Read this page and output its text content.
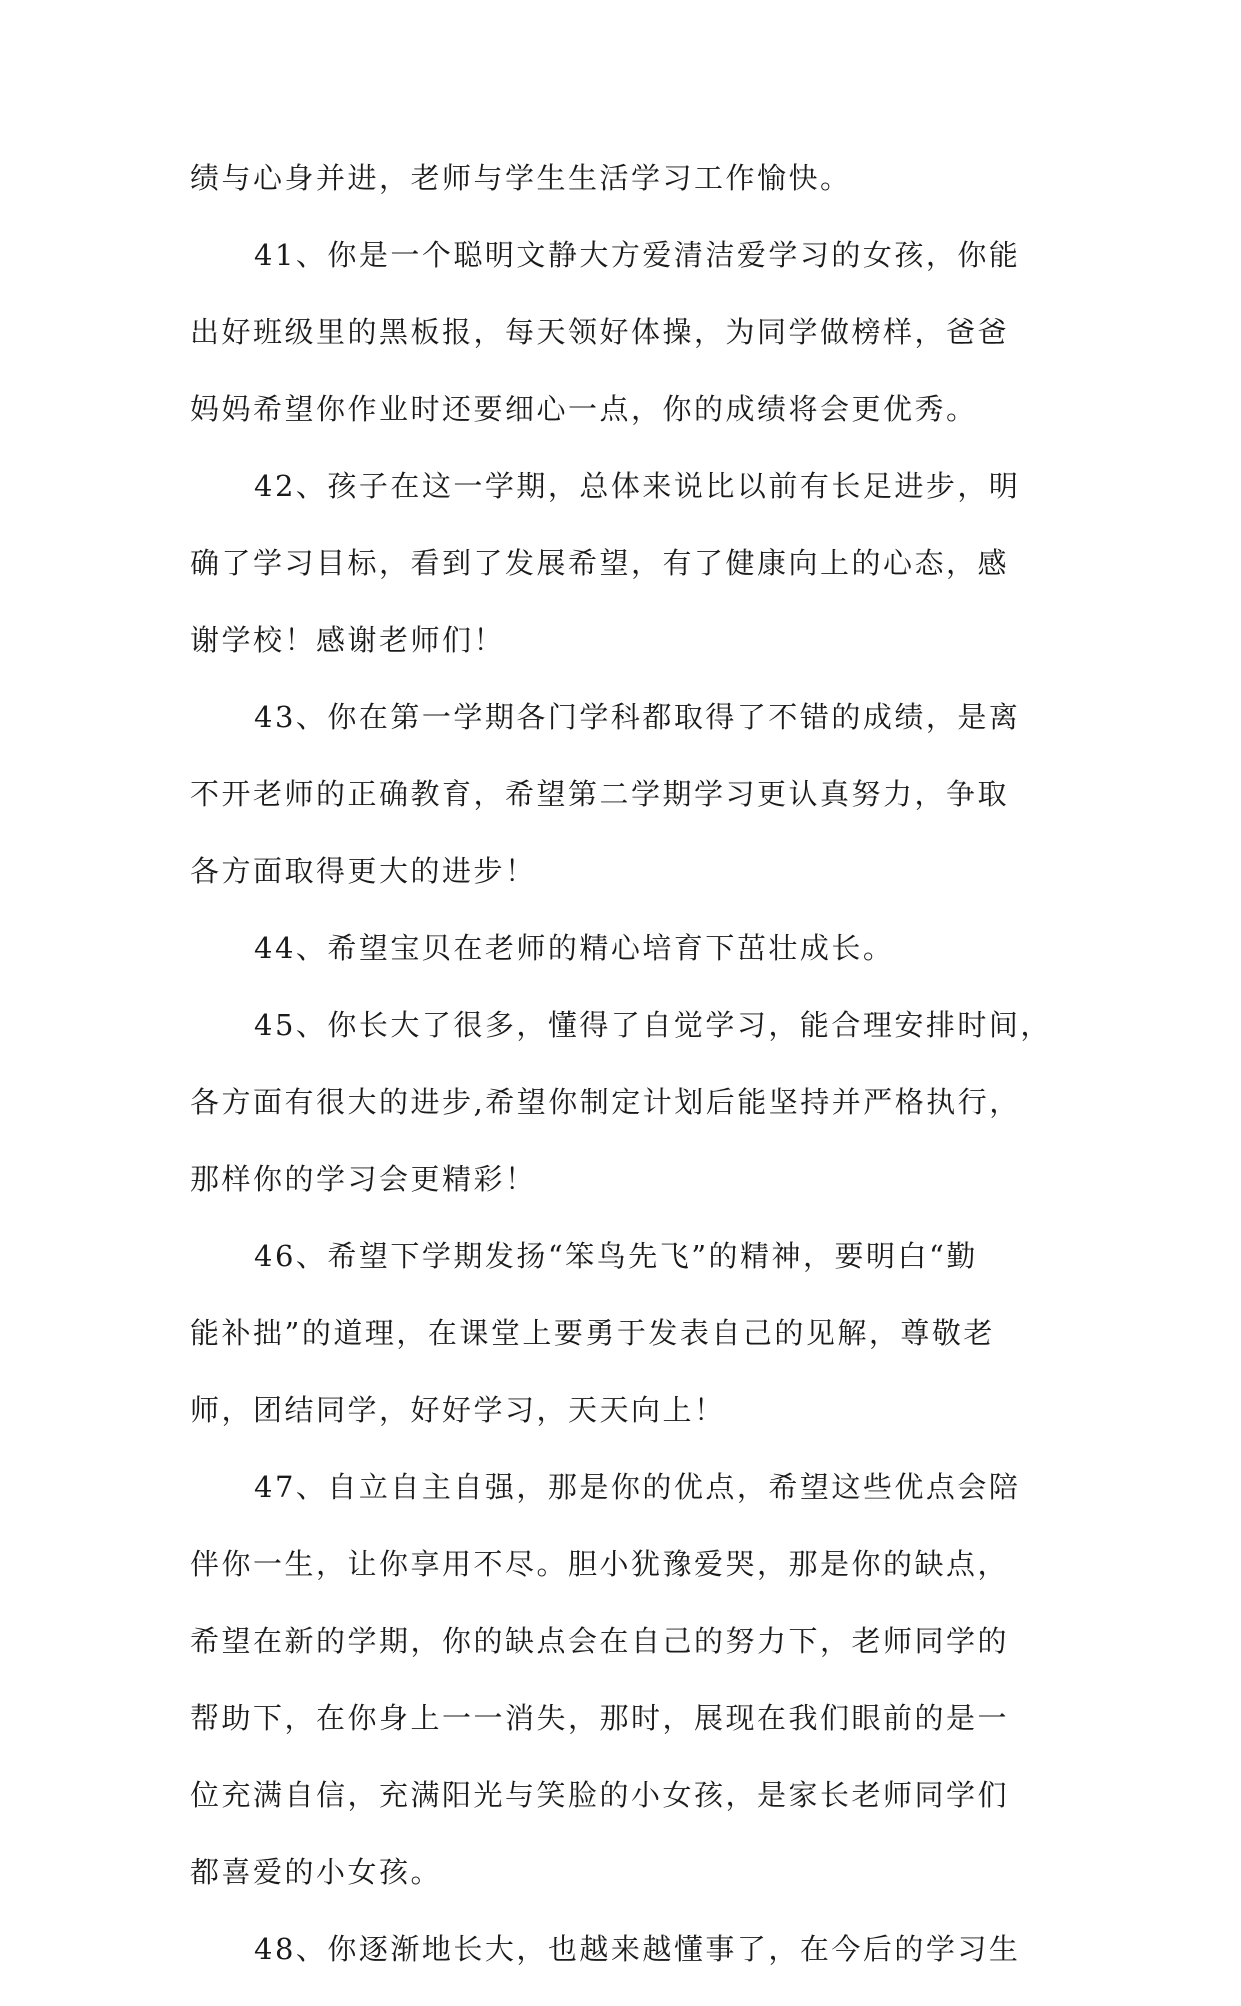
绩与心身并进，老师与学生生活学习工作愉快。
41、你是一个聪明文静大方爱清洁爱学习的女孩，你能
出好班级里的黑板报，每天领好体操，为同学做榜样，爸爸
妈妈希望你作业时还要细心一点，你的成绩将会更优秀。
42、孩子在这一学期，总体来说比以前有长足进步，明
确了学习目标，看到了发展希望，有了健康向上的心态，感
谢学校！感谢老师们！
43、你在第一学期各门学科都取得了不错的成绩，是离
不开老师的正确教育，希望第二学期学习更认真努力，争取
各方面取得更大的进步！
44、希望宝贝在老师的精心培育下茁壮成长。
45、你长大了很多，懂得了自觉学习，能合理安排时间，
各方面有很大的进步,希望你制定计划后能坚持并严格执行，
那样你的学习会更精彩！
46、希望下学期发扬“笨鸟先飞”的精神，要明白“勤
能补拙”的道理，在课堂上要勇于发表自己的见解，尊敬老
师，团结同学，好好学习，天天向上！
47、自立自主自强，那是你的优点，希望这些优点会陪
伴你一生，让你享用不尽。胆小犹豫爱哭，那是你的缺点，
希望在新的学期，你的缺点会在自己的努力下，老师同学的
帮助下，在你身上一一消失，那时，展现在我们眼前的是一
位充满自信，充满阳光与笑脸的小女孩，是家长老师同学们
都喜爱的小女孩。
48、你逐渐地长大，也越来越懂事了，在今后的学习生
